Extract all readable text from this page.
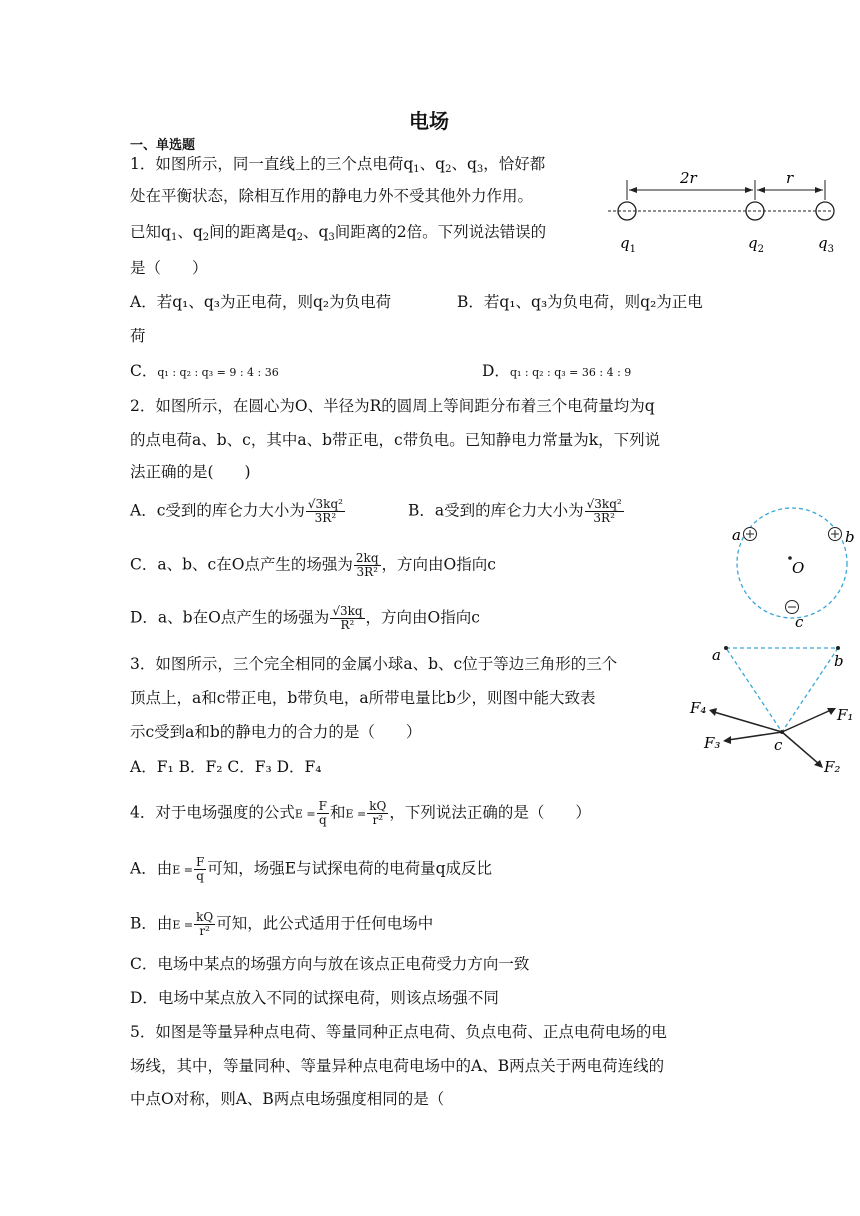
电场
一、单选题
1．如图所示，同一直线上的三个点电荷$q_1$、$q_2$、$q_3$，恰好都
处在平衡状态，除相互作用的静电力外不受其他外力作用。
已知$q_1$、$q_2$间的距离是$q_2$、$q_3$间距离的2倍。下列说法错误的
是（　　）
A．若q₁、q₃为正电荷，则q₂为负电荷	B．若q₁、q₃为负电荷，则q₂为正电
荷
C．q₁ : q₂ : q₃ = 9 : 4 : 36	D．q₁ : q₂ : q₃ = 36 : 4 : 9
2r	r
$q_1$	$q_2$	$q_3$
2．如图所示，在圆心为O、半径为R的圆周上等间距分布着三个电荷量均为q
的点电荷a、b、c，其中a、b带正电，c带负电。已知静电力常量为k，下列说
法正确的是(　　)
A．c受到的库仑力大小为 $\frac{\text{√3kq²}}{\text{3R²}}$	B．a受到的库仑力大小为 $\frac{\text{√3kq²}}{\text{3R²}}$
C．a、b、c在O点产生的场强为 $\frac{2kq}{\text{3R²}}$ ，方向由O指向c
D．a、b在O点产生的场强为 $\frac{√3kq}{\text{R²}}$ ，方向由O指向c
a	b
O
c
3．如图所示，三个完全相同的金属小球a、b、c位于等边三角形的三个
顶点上，a和c带正电，b带负电，a所带电量比b少，则图中能大致表
示c受到a和b的静电力的合力的是（　　）
A．F₁ B．F₂ C．F₃ D．F₄
a	b
c
F₁
F₂
F₃
F₄
4．对于电场强度的公式$E = \frac{F}{q}$ 和$E = \frac{kQ}{\text{r²}}$ ，下列说法正确的是（　　）
A．由$E = \frac{F}{q}$ 可知，场强E与试探电荷的电荷量q成反比
B．由$E = \frac{kQ}{\text{r²}}$ 可知，此公式适用于任何电场中
C．电场中某点的场强方向与放在该点正电荷受力方向一致
D．电场中某点放入不同的试探电荷，则该点场强不同
5．如图是等量异种点电荷、等量同种正点电荷、负点电荷、正点电荷电场的电
场线，其中，等量同种、等量异种点电荷电场中的A、B两点关于两电荷连线的
中点O对称，则A、B两点电场强度相同的是（
